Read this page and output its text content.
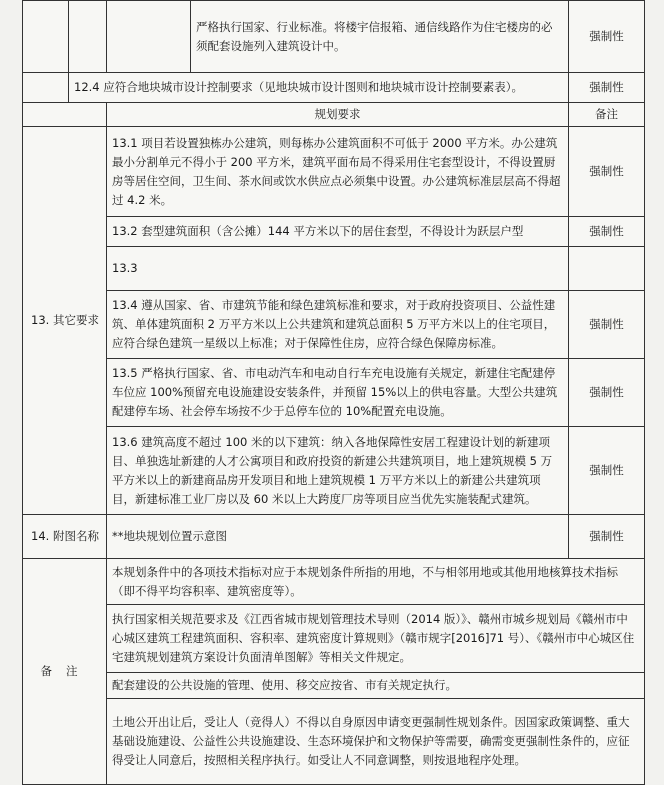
			严格执行国家、行业标准。将楼宇信报箱、通信线路作为住宅楼房的必须配套设施列入建筑设计中。	强制性
	12.4 应符合地块城市设计控制要求（见地块城市设计图则和地块城市设计控制要素表）。			强制性
		规划要求		备注
13. 其它要求		13.1 项目若设置独栋办公建筑，则每栋办公建筑面积不可低于 2000 平方米。办公建筑最小分割单元不得小于 200 平方米，建筑平面布局不得采用住宅套型设计，不得设置厨房等居住空间，卫生间、茶水间或饮水供应点必须集中设置。办公建筑标准层层高不得超过 4.2 米。		强制性
		13.2 套型建筑面积（含公摊）144 平方米以下的居住套型，不得设计为跃层户型		强制性
		13.3		
		13.4 遵从国家、省、市建筑节能和绿色建筑标准和要求，对于政府投资项目、公益性建筑、单体建筑面积 2 万平方米以上公共建筑和建筑总面积 5 万平方米以上的住宅项目，应符合绿色建筑一星级以上标准；对于保障性住房，应符合绿色保障房标准。		强制性
		13.5 严格执行国家、省、市电动汽车和电动自行车充电设施有关规定，新建住宅配建停车位应 100%预留充电设施建设安装条件，并预留 15%以上的供电容量。大型公共建筑配建停车场、社会停车场按不少于总停车位的 10%配置充电设施。		强制性
		13.6 建筑高度不超过 100 米的以下建筑：纳入各地保障性安居工程建设计划的新建项目、单独选址新建的人才公寓项目和政府投资的新建公共建筑项目，地上建筑规模 5 万平方米以上的新建商品房开发项目和地上建筑规模 1 万平方米以上的新建公共建筑项目，新建标准工业厂房以及 60 米以上大跨度厂房等项目应当优先实施装配式建筑。		强制性
14. 附图名称		**地块规划位置示意图		强制性
备注		本规划条件中的各项技术指标对应于本规划条件所指的用地，不与相邻用地或其他用地核算技术指标（即不得平均容积率、建筑密度等）。		
		执行国家相关规范要求及《江西省城市规划管理技术导则（2014 版）》、赣州市城乡规划局《赣州市中心城区建筑工程建筑面积、容积率、建筑密度计算规则》（赣市规字[2016]71 号）、《赣州市中心城区住宅建筑规划建筑方案设计负面清单图解》等相关文件规定。		
		配套建设的公共设施的管理、使用、移交应按省、市有关规定执行。		
		土地公开出让后，受让人（竞得人）不得以自身原因申请变更强制性规划条件。因国家政策调整、重大基础设施建设、公益性公共设施建设、生态环境保护和文物保护等需要，确需变更强制性条件的，应征得受让人同意后，按照相关程序执行。如受让人不同意调整，则按退地程序处理。		
